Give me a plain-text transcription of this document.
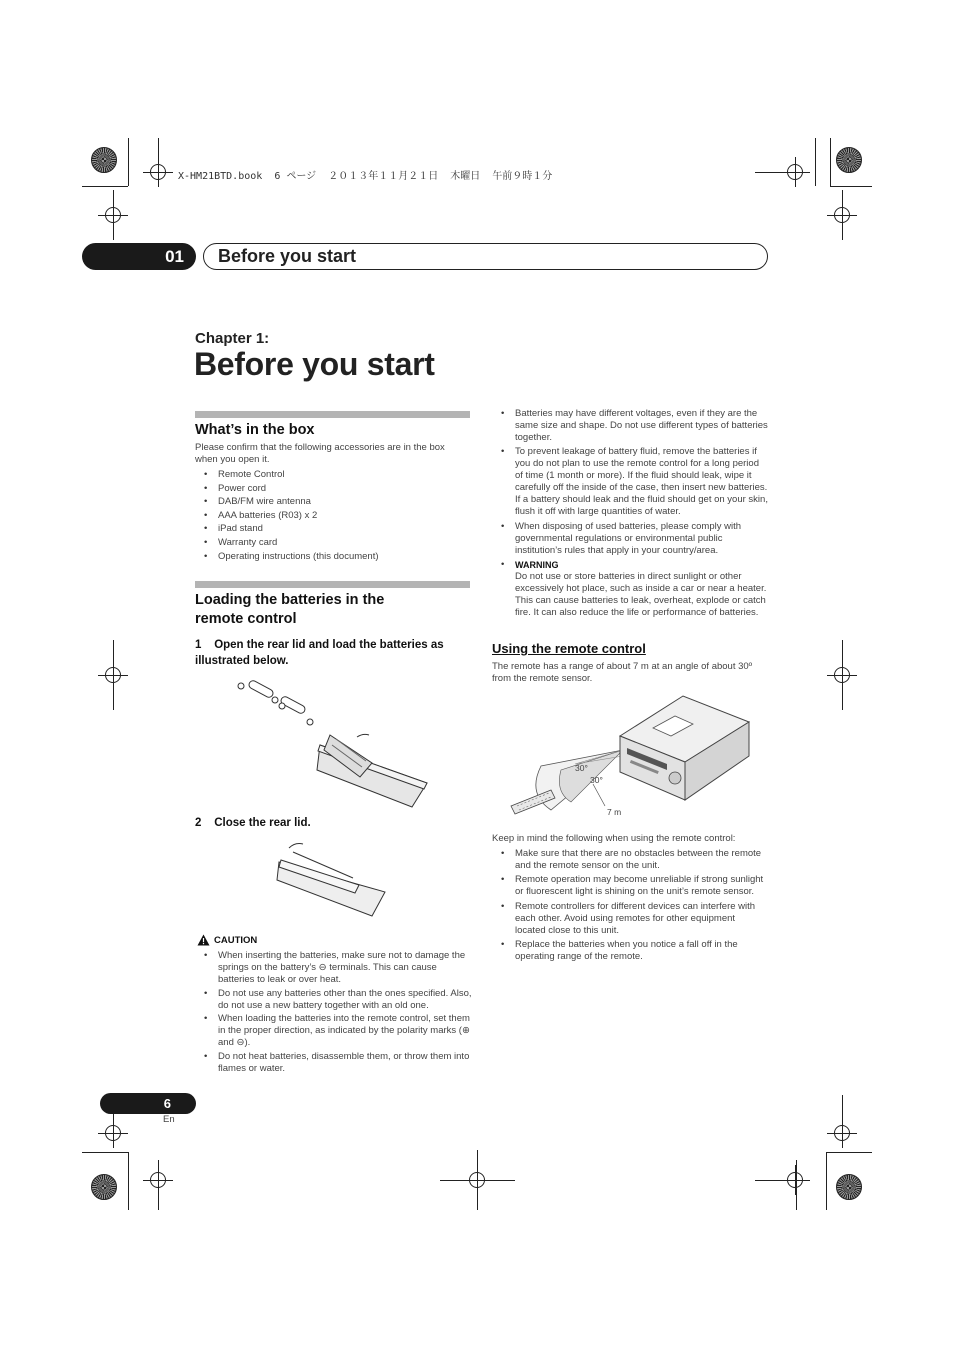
X-HM21BTD.book  6 ページ  ２０１３年１１月２１日  木曜日  午前９時１分
01	Before you start
Chapter 1:
Before you start
What’s in the box
Please confirm that the following accessories are in the box when you open it.
• Remote Control
• Power cord
• DAB/FM wire antenna
• AAA batteries (R03) x 2
• iPad stand
• Warranty card
• Operating instructions (this document)
Loading the batteries in the
remote control
1 Open the rear lid and load the batteries as
illustrated below.
2 Close the rear lid.
CAUTION
• When inserting the batteries, make sure not to damage the springs on the battery’s ⊖ terminals. This can cause batteries to leak or over heat.
• Do not use any batteries other than the ones specified. Also, do not use a new battery together with an old one.
• When loading the batteries into the remote control, set them in the proper direction, as indicated by the polarity marks (⊕ and ⊖).
• Do not heat batteries, disassemble them, or throw them into flames or water.
• Batteries may have different voltages, even if they are the same size and shape. Do not use different types of batteries together.
• To prevent leakage of battery fluid, remove the batteries if you do not plan to use the remote control for a long period of time (1 month or more). If the fluid should leak, wipe it carefully off the inside of the case, then insert new batteries. If a battery should leak and the fluid should get on your skin, flush it off with large quantities of water.
• When disposing of used batteries, please comply with governmental regulations or environmental public institution’s rules that apply in your country/area.
• WARNING
Do not use or store batteries in direct sunlight or other excessively hot place, such as inside a car or near a heater. This can cause batteries to leak, overheat, explode or catch fire. It can also reduce the life or performance of batteries.
Using the remote control
The remote has a range of about 7 m at an angle of about 30º from the remote sensor.
30°
30°
7 m
Keep in mind the following when using the remote control:
• Make sure that there are no obstacles between the remote and the remote sensor on the unit.
• Remote operation may become unreliable if strong sunlight or fluorescent light is shining on the unit’s remote sensor.
• Remote controllers for different devices can interfere with each other. Avoid using remotes for other equipment located close to this unit.
• Replace the batteries when you notice a fall off in the operating range of the remote.
6
En
